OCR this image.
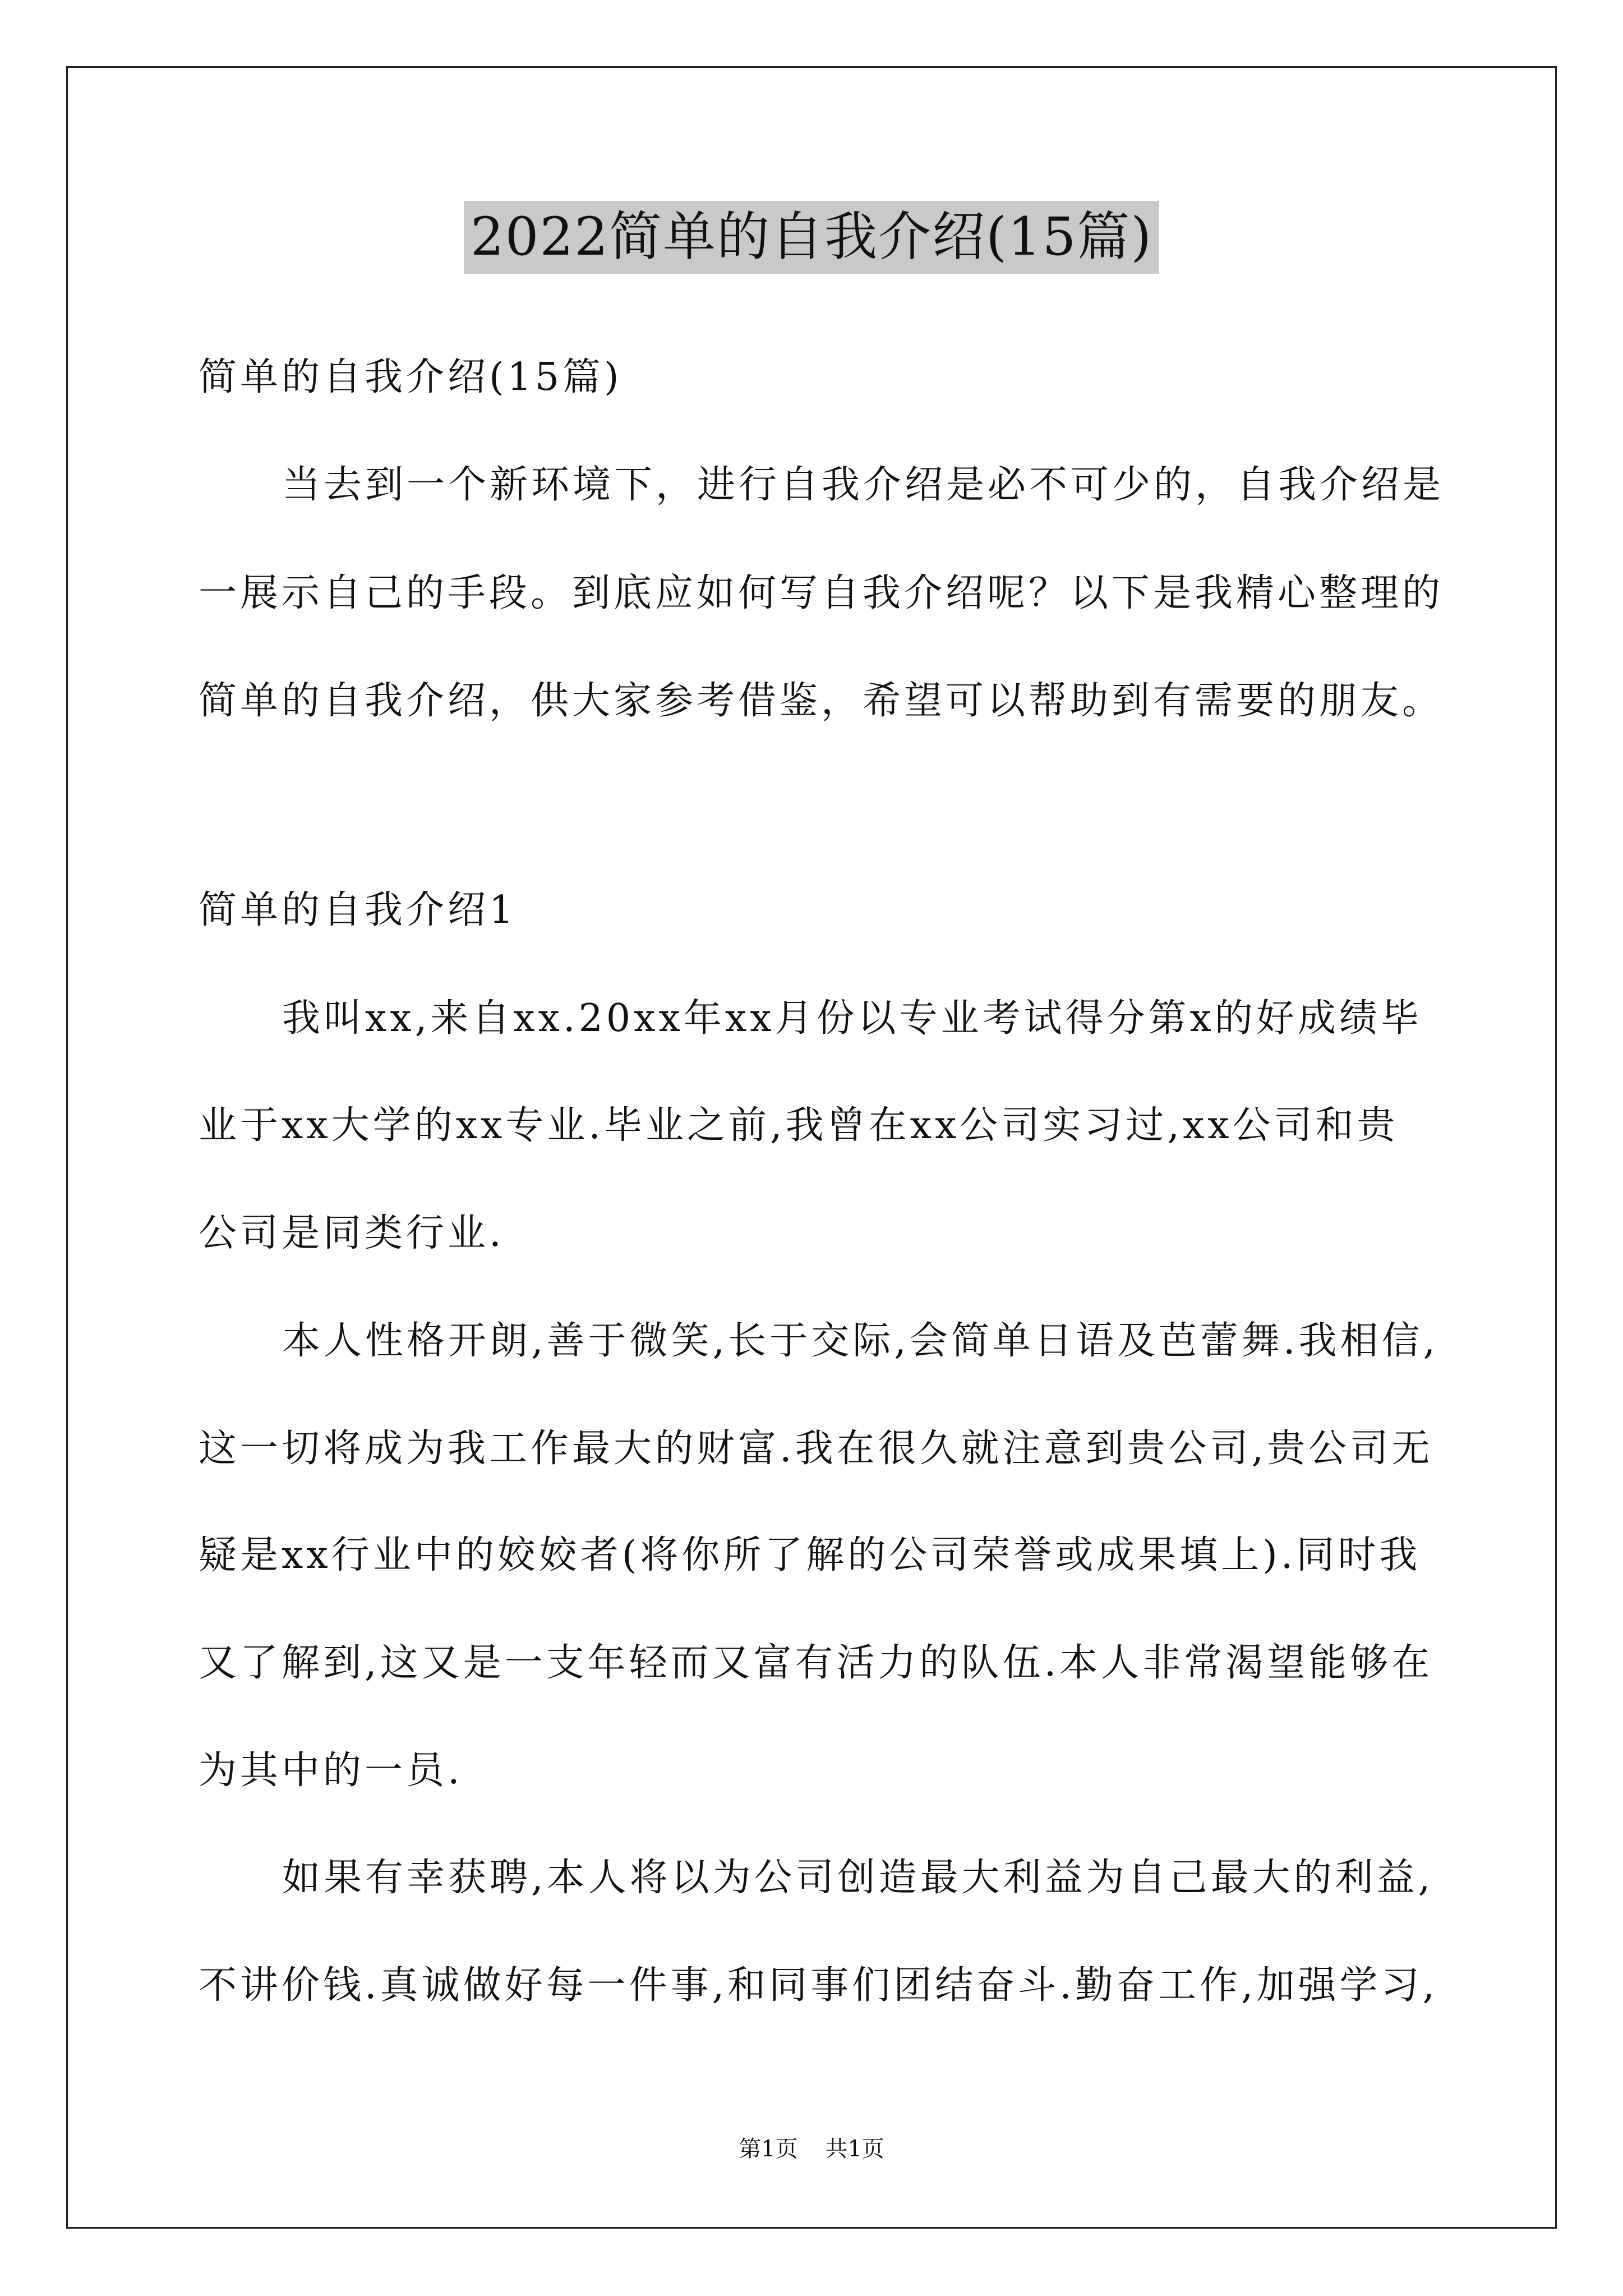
2022简单的自我介绍(15篇)
简单的自我介绍(15篇)
当去到一个新环境下，进行自我介绍是必不可少的，自我介绍是
一展示自己的手段。到底应如何写自我介绍呢？以下是我精心整理的
简单的自我介绍，供大家参考借鉴，希望可以帮助到有需要的朋友。
简单的自我介绍1
我叫xx,来自xx.20xx年xx月份以专业考试得分第x的好成绩毕
业于xx大学的xx专业.毕业之前,我曾在xx公司实习过,xx公司和贵
公司是同类行业.
本人性格开朗,善于微笑,长于交际,会简单日语及芭蕾舞.我相信,
这一切将成为我工作最大的财富.我在很久就注意到贵公司,贵公司无
疑是xx行业中的姣姣者(将你所了解的公司荣誉或成果填上).同时我
又了解到,这又是一支年轻而又富有活力的队伍.本人非常渴望能够在
为其中的一员.
如果有幸获聘,本人将以为公司创造最大利益为自己最大的利益,
不讲价钱.真诚做好每一件事,和同事们团结奋斗.勤奋工作,加强学习,
第1页 共1页
